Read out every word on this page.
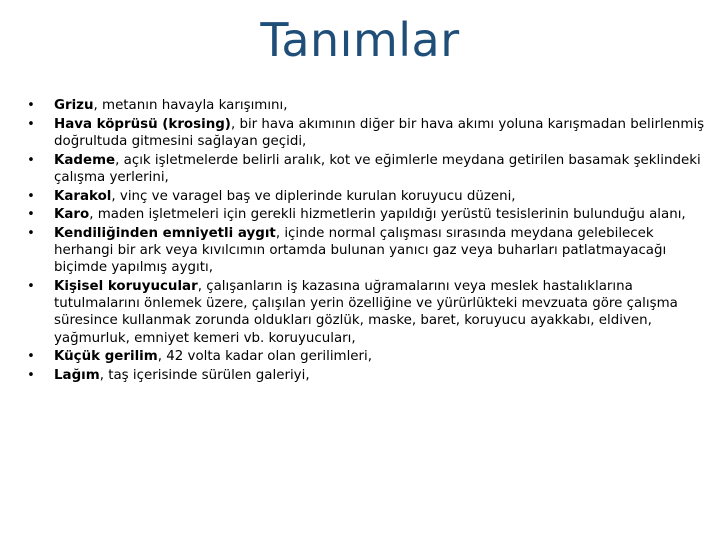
Tanımlar
• Grizu, metanın havayla karışımını,
• Hava köprüsü (krosing), bir hava akımının diğer bir hava akımı yoluna karışmadan belirlenmiş doğrultuda gitmesini sağlayan geçidi,
• Kademe, açık işletmelerde belirli aralık, kot ve eğimlerle meydana getirilen basamak şeklindeki çalışma yerlerini,
• Karakol, vinç ve varagel baş ve diplerinde kurulan koruyucu düzeni,
• Karo, maden işletmeleri için gerekli hizmetlerin yapıldığı yerüstü tesislerinin bulunduğu alanı,
• Kendiliğinden emniyetli aygıt, içinde normal çalışması sırasında meydana gelebilecek herhangi bir ark veya kıvılcımın ortamda bulunan yanıcı gaz veya buharları patlatmayacağı biçimde yapılmış aygıtı,
• Kişisel koruyucular, çalışanların iş kazasına uğramalarını veya meslek hastalıklarına tutulmalarını önlemek üzere, çalışılan yerin özelliğine ve yürürlükteki mevzuata göre çalışma süresince kullanmak zorunda oldukları gözlük, maske, baret, koruyucu ayakkabı, eldiven, yağmurluk, emniyet kemeri vb. koruyucuları,
• Küçük gerilim, 42 volta kadar olan gerilimleri,
• Lağım, taş içerisinde sürülen galeriyi,
